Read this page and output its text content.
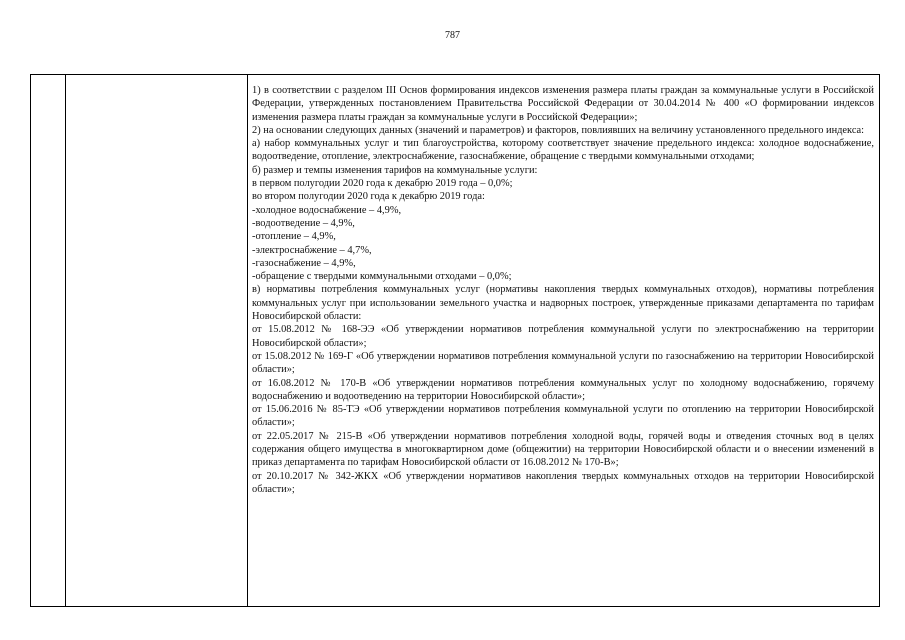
787

1) в соответствии с разделом III Основ формирования индексов изменения размера платы граждан за коммунальные услуги в Российской Федерации, утвержденных постановлением Правительства Российской Федерации от 30.04.2014 № 400 «О формировании индексов изменения размера платы граждан за коммунальные услуги в Российской Федерации»;

2) на основании следующих данных (значений и параметров) и факторов, повлиявших на величину установленного предельного индекса:

а) набор коммунальных услуг и тип благоустройства, которому соответствует значение предельного индекса: холодное водоснабжение, водоотведение, отопление, электроснабжение, газоснабжение, обращение с твердыми коммунальными отходами;

б) размер и темпы изменения тарифов на коммунальные услуги:

в первом полугодии 2020 года к декабрю 2019 года – 0,0%;

во втором полугодии 2020 года к декабрю 2019 года:

-холодное водоснабжение – 4,9%,

-водоотведение – 4,9%,

-отопление – 4,9%,

-электроснабжение – 4,7%,

-газоснабжение – 4,9%,

-обращение с твердыми коммунальными отходами – 0,0%;

в) нормативы потребления коммунальных услуг (нормативы накопления твердых коммунальных отходов), нормативы потребления коммунальных услуг при использовании земельного участка и надворных построек, утвержденные приказами департамента по тарифам Новосибирской области:

от 15.08.2012 № 168-ЭЭ «Об утверждении нормативов потребления коммунальной услуги по электроснабжению на территории Новосибирской области»;

от 15.08.2012 № 169-Г «Об утверждении нормативов потребления коммунальной услуги по газоснабжению на территории Новосибирской области»;

от 16.08.2012 № 170-В «Об утверждении нормативов потребления коммунальных услуг по холодному водоснабжению, горячему водоснабжению и водоотведению на территории Новосибирской области»;

от 15.06.2016 № 85-ТЭ «Об утверждении нормативов потребления коммунальной услуги по отоплению на территории Новосибирской области»;

от 22.05.2017 № 215-В «Об утверждении нормативов потребления холодной воды, горячей воды и отведения сточных вод в целях содержания общего имущества в многоквартирном доме (общежитии) на территории Новосибирской области и о внесении изменений в приказ департамента по тарифам Новосибирской области от 16.08.2012 № 170-В»;

от 20.10.2017 № 342-ЖКХ «Об утверждении нормативов накопления твердых коммунальных отходов на территории Новосибирской области»;
